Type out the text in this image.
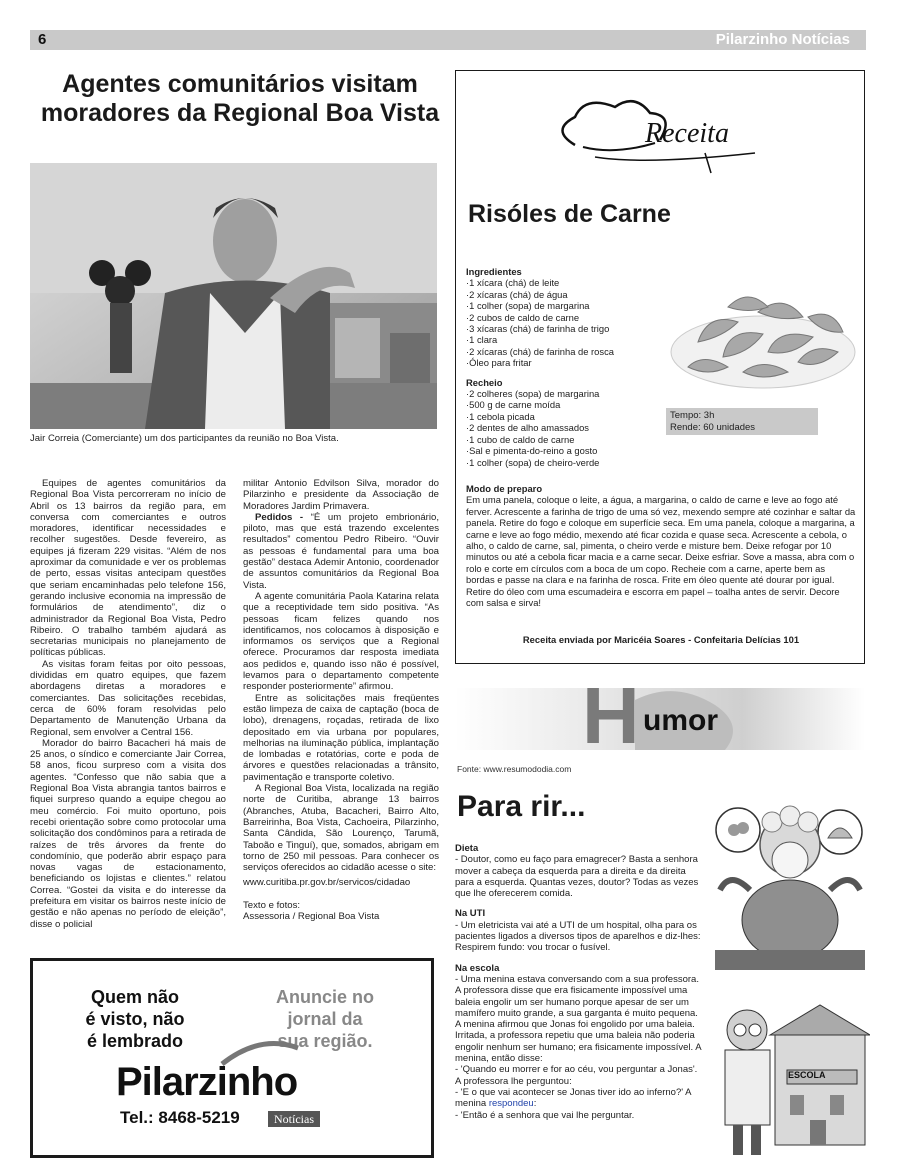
6	Pilarzinho Notícias
Agentes comunitários visitam
moradores da Regional Boa Vista
Jair Correia (Comerciante) um dos participantes da reunião no Boa Vista.

Equipes de agentes comunitários da Regional Boa Vista percorreram no início de Abril os 13 bairros da região para, em conversa com comerciantes e outros moradores, identificar necessidades e recolher sugestões. Desde fevereiro, as equipes já fizeram 229 visitas. “Além de nos aproximar da comunidade e ver os problemas de perto, essas visitas antecipam questões que seriam encaminhadas pelo telefone 156, gerando inclusive economia na impressão de formulários de atendimento”, diz o administrador da Regional Boa Vista, Pedro Ribeiro. O trabalho também ajudará as secretarias municipais no planejamento de políticas públicas.

As visitas foram feitas por oito pessoas, divididas em quatro equipes, que fazem abordagens diretas a moradores e comerciantes. Das solicitações recebidas, cerca de 60% foram resolvidas pelo Departamento de Manutenção Urbana da Regional, sem envolver a Central 156.

Morador do bairro Bacacheri há mais de 25 anos, o síndico e comerciante Jair Correa, 58 anos, ficou surpreso com a visita dos agentes. “Confesso que não sabia que a Regional Boa Vista abrangia tantos bairros e fiquei surpreso quando a equipe chegou ao meu comércio. Foi muito oportuno, pois recebi orientação sobre como protocolar uma solicitação dos condôminos para a retirada de raízes de três árvores da frente do condomínio, que poderão abrir espaço para novas vagas de estacionamento, beneficiando os lojistas e clientes.” relatou Correa. “Gostei da visita e do interesse da prefeitura em visitar os bairros neste início de gestão e não apenas no período de eleição”, disse o policial

militar Antonio Edvilson Silva, morador do Pilarzinho e presidente da Associação de Moradores Jardim Primavera.

Pedidos - “É um projeto embrionário, piloto, mas que está trazendo excelentes resultados” comentou Pedro Ribeiro. “Ouvir as pessoas é fundamental para uma boa gestão” destaca Ademir Antonio, coordenador de assuntos comunitários da Regional Boa Vista.

A agente comunitária Paola Katarina relata que a receptividade tem sido positiva. “As pessoas ficam felizes quando nos identificamos, nos colocamos à disposição e informamos os serviços que a Regional oferece. Procuramos dar resposta imediata aos pedidos e, quando isso não é possível, levamos para o departamento competente responder posteriormente” afirmou.

Entre as solicitações mais freqüentes estão limpeza de caixa de captação (boca de lobo), drenagens, roçadas, retirada de lixo depositado em via urbana por populares, melhorias na iluminação pública, implantação de lombadas e rotatórias, corte e poda de árvores e questões relacionadas a trânsito, pavimentação e transporte coletivo.

A Regional Boa Vista, localizada na região norte de Curitiba, abrange 13 bairros (Abranches, Atuba, Bacacheri, Bairro Alto, Barreirinha, Boa Vista, Cachoeira, Pilarzinho, Santa Cândida, São Lourenço, Tarumã, Taboão e Tinguí), que, somados, abrigam em torno de 250 mil pessoas. Para conhecer os serviços oferecidos ao cidadão acesse o site:

www.curitiba.pr.gov.br/servicos/cidadao

Texto e fotos:

Assessoria / Regional Boa Vista

Quem não
é visto, não
é lembrado
Anuncie no
jornal da
sua região.
Pilarzinho
Tel.: 8468-5219	Notícias
Receita
Risóles de Carne
Ingredientes
·1 xícara (chá) de leite
·2 xícaras (chá) de água
·1 colher (sopa) de margarina
·2 cubos de caldo de carne
·3 xícaras (chá) de farinha de trigo
·1 clara
·2 xícaras (chá) de farinha de rosca
·Óleo para fritar
Recheio
·2 colheres (sopa) de margarina
·500 g de carne moída
·1 cebola picada
·2 dentes de alho amassados
·1 cubo de caldo de carne
·Sal e pimenta-do-reino a gosto
·1 colher (sopa) de cheiro-verde
Tempo: 3h
Rende: 60 unidades
Modo de preparo
Em uma panela, coloque o leite, a água, a margarina, o caldo de carne e leve ao fogo até ferver. Acrescente a farinha de trigo de uma só vez, mexendo sempre até cozinhar e saltar da panela. Retire do fogo e coloque em superfície seca. Em uma panela, coloque a margarina, a carne e leve ao fogo médio, mexendo até ficar cozida e quase seca. Acrescente a cebola, o alho, o caldo de carne, sal, pimenta, o cheiro verde e misture bem. Deixe refogar por 10 minutos ou até a cebola ficar macia e a carne secar. Deixe esfriar. Sove a massa, abra com o rolo e corte em círculos com a boca de um copo. Recheie com a carne, aperte bem as bordas e passe na clara e na farinha de rosca. Frite em óleo quente até dourar por igual. Retire do óleo com uma escumadeira e escorra em papel – toalha antes de servir. Decore com salsa e sirva!
Receita enviada por Maricéia Soares - Confeitaria Delícias 101
H umor
Fonte: www.resumododia.com
Para rir...
Dieta
- Doutor, como eu faço para emagrecer? Basta a senhora mover a cabeça da esquerda para a direita e da direita para a esquerda. Quantas vezes, doutor? Todas as vezes que lhe oferecerem comida.
Na UTI
- Um eletricista vai até a UTI de um hospital, olha para os pacientes ligados a diversos tipos de aparelhos e diz-lhes: Respirem fundo: vou trocar o fusível.
Na escola
- Uma menina estava conversando com a sua professora. A professora disse que era fisicamente impossível uma baleia engolir um ser humano porque apesar de ser um mamífero muito grande, a sua garganta é muito pequena. A menina afirmou que Jonas foi engolido por uma baleia. Irritada, a professora repetiu que uma baleia não poderia engolir nenhum ser humano; era fisicamente impossível. A menina, então disse:
- 'Quando eu morrer e for ao céu, vou perguntar a Jonas'. A professora lhe perguntou:
- 'E o que vai acontecer se Jonas tiver ido ao inferno?' A menina respondeu:
- 'Então é a senhora que vai lhe perguntar.
ESCOLA
